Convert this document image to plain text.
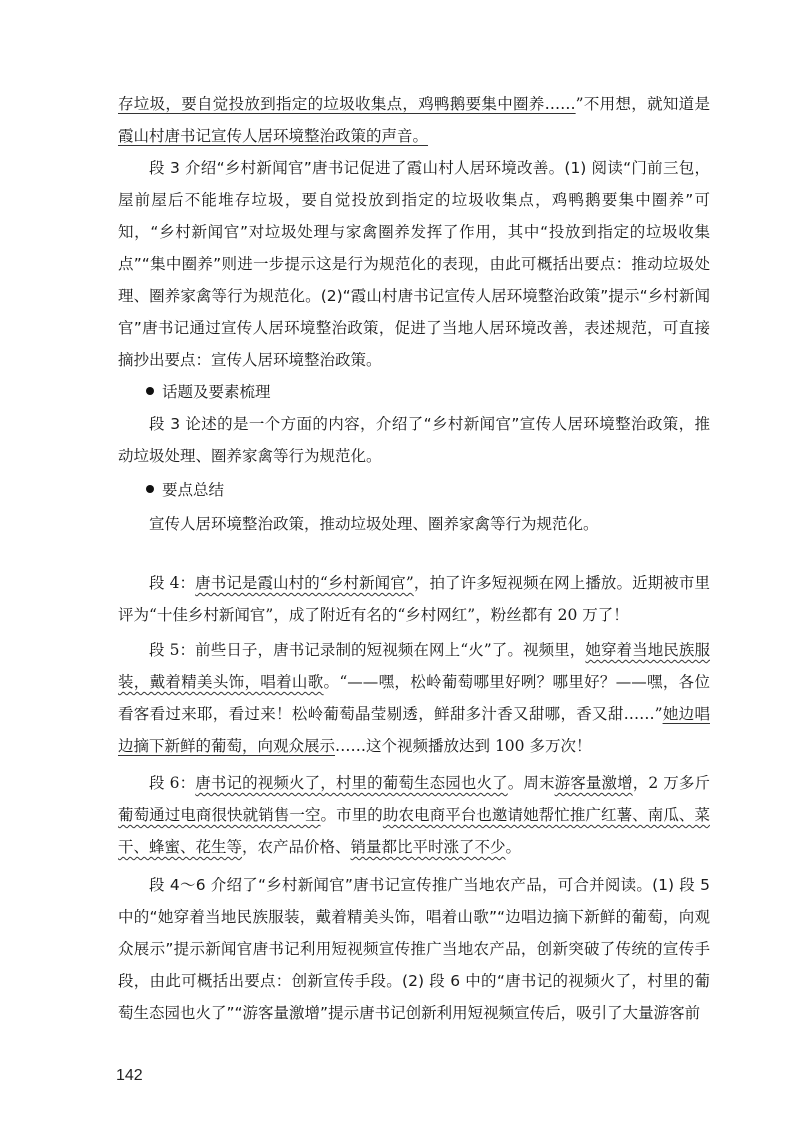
存垃圾，要自觉投放到指定的垃圾收集点，鸡鸭鹅要集中圈养……”不用想，就知道是霞山村唐书记宣传人居环境整治政策的声音。

段 3 介绍“乡村新闻官”唐书记促进了霞山村人居环境改善。(1) 阅读“门前三包，屋前屋后不能堆存垃圾，要自觉投放到指定的垃圾收集点，鸡鸭鹅要集中圈养”可知，“乡村新闻官”对垃圾处理与家禽圈养发挥了作用，其中“投放到指定的垃圾收集点”“集中圈养”则进一步提示这是行为规范化的表现，由此可概括出要点：推动垃圾处理、圈养家禽等行为规范化。(2)“霞山村唐书记宣传人居环境整治政策”提示“乡村新闻官”唐书记通过宣传人居环境整治政策，促进了当地人居环境改善，表述规范，可直接摘抄出要点：宣传人居环境整治政策。

话题及要素梳理

段 3 论述的是一个方面的内容，介绍了“乡村新闻官”宣传人居环境整治政策，推动垃圾处理、圈养家禽等行为规范化。

要点总结

宣传人居环境整治政策，推动垃圾处理、圈养家禽等行为规范化。

段 4：唐书记是霞山村的“乡村新闻官”，拍了许多短视频在网上播放。近期被市里评为“十佳乡村新闻官”，成了附近有名的“乡村网红”，粉丝都有 20 万了！

段 5：前些日子，唐书记录制的短视频在网上“火”了。视频里，她穿着当地民族服装，戴着精美头饰，唱着山歌。“——嘿，松岭葡萄哪里好咧？哪里好？——嘿，各位看客看过来耶，看过来！松岭葡萄晶莹剔透，鲜甜多汁香又甜哪，香又甜……”她边唱边摘下新鲜的葡萄，向观众展示……这个视频播放达到 100 多万次！

段 6：唐书记的视频火了，村里的葡萄生态园也火了。周末游客量激增，2 万多斤葡萄通过电商很快就销售一空。市里的助农电商平台也邀请她帮忙推广红薯、南瓜、菜干、蜂蜜、花生等，农产品价格、销量都比平时涨了不少。

段 4～6 介绍了“乡村新闻官”唐书记宣传推广当地农产品，可合并阅读。(1) 段 5 中的“她穿着当地民族服装，戴着精美头饰，唱着山歌”“边唱边摘下新鲜的葡萄，向观众展示”提示新闻官唐书记利用短视频宣传推广当地农产品，创新突破了传统的宣传手段，由此可概括出要点：创新宣传手段。(2) 段 6 中的“唐书记的视频火了，村里的葡萄生态园也火了”“游客量激增”提示唐书记创新利用短视频宣传后，吸引了大量游客前

142
